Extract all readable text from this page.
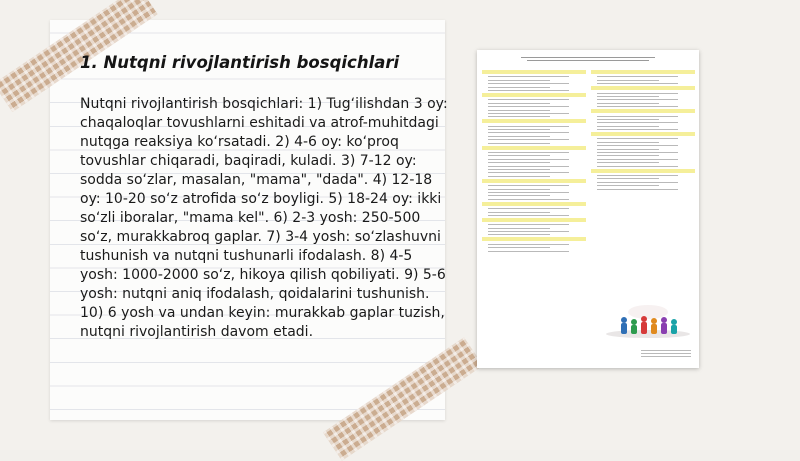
1. Nutqni rivojlantirish bosqichlari
Nutqni rivojlantirish bosqichlari: 1) Tug‘ilishdan 3 oy: chaqaloqlar tovushlarni eshitadi va atrof-muhitdagi nutqga reaksiya ko‘rsatadi. 2) 4-6 oy: ko‘proq tovushlar chiqaradi, baqiradi, kuladi. 3) 7-12 oy: sodda so‘zlar, masalan, "mama", "dada". 4) 12-18 oy: 10-20 so‘z atrofida so‘z boyligi. 5) 18-24 oy: ikki so‘zli iboralar, "mama kel". 6) 2-3 yosh: 250-500 so‘z, murakkabroq gaplar. 7) 3-4 yosh: so‘zlashuvni tushunish va nutqni tushunarli ifodalash. 8) 4-5 yosh: 1000-2000 so‘z, hikoya qilish qobiliyati. 9) 5-6 yosh: nutqni aniq ifodalash, qoidalarini tushunish. 10) 6 yosh va undan keyin: murakkab gaplar tuzish, nutqni rivojlantirish davom etadi.
